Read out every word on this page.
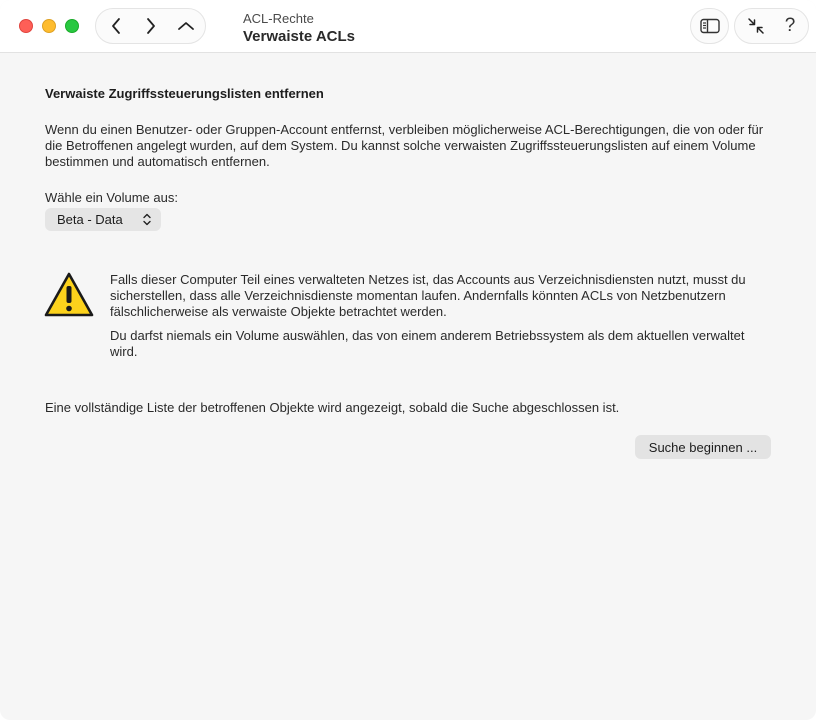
ACL-Rechte
Verwaiste ACLs
?
Verwaiste Zugriffssteuerungslisten entfernen
Wenn du einen Benutzer- oder Gruppen-Account entfernst, verbleiben möglicherweise ACL-Berechtigungen, die von oder für die Betroffenen angelegt wurden, auf dem System. Du kannst solche verwaisten Zugriffssteuerungslisten auf einem Volume bestimmen und automatisch entfernen.
Wähle ein Volume aus:
Beta - Data
Falls dieser Computer Teil eines verwalteten Netzes ist, das Accounts aus Verzeichnisdiensten nutzt, musst du sicherstellen, dass alle Verzeichnisdienste momentan laufen. Andernfalls könnten ACLs von Netzbenutzern fälschlicherweise als verwaiste Objekte betrachtet werden.
Du darfst niemals ein Volume auswählen, das von einem anderem Betriebssystem als dem aktuellen verwaltet wird.
Eine vollständige Liste der betroffenen Objekte wird angezeigt, sobald die Suche abgeschlossen ist.
Suche beginnen ...
